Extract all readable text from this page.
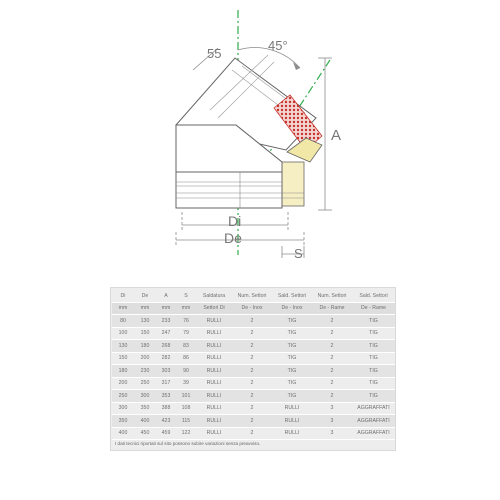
45°
55
A
Di
De
S
Di	De	A	S	Saldatura	Num. Settori	Sald. Settori	Num. Settori	Sald. Settori
mm	mm	mm	mm	Settori Di	De - Inox	De - Inox	De - Rame	De - Rame
80	130	233	76	RULLI	2	TIG	2	TIG
100	150	247	79	RULLI	2	TIG	2	TIG
130	180	268	83	RULLI	2	TIG	2	TIG
150	200	282	86	RULLI	2	TIG	2	TIG
180	230	303	90	RULLI	2	TIG	2	TIG
200	250	317	39	RULLI	2	TIG	2	TIG
250	300	353	101	RULLI	2	TIG	2	TIG
300	350	388	108	RULLI	2	RULLI	3	AGGRAFFATI
350	400	423	115	RULLI	2	RULLI	3	AGGRAFFATI
400	450	459	122	RULLI	2	RULLI	3	AGGRAFFATI
I dati tecnici riportati sul sito possono subire variazioni senza preavviso.
